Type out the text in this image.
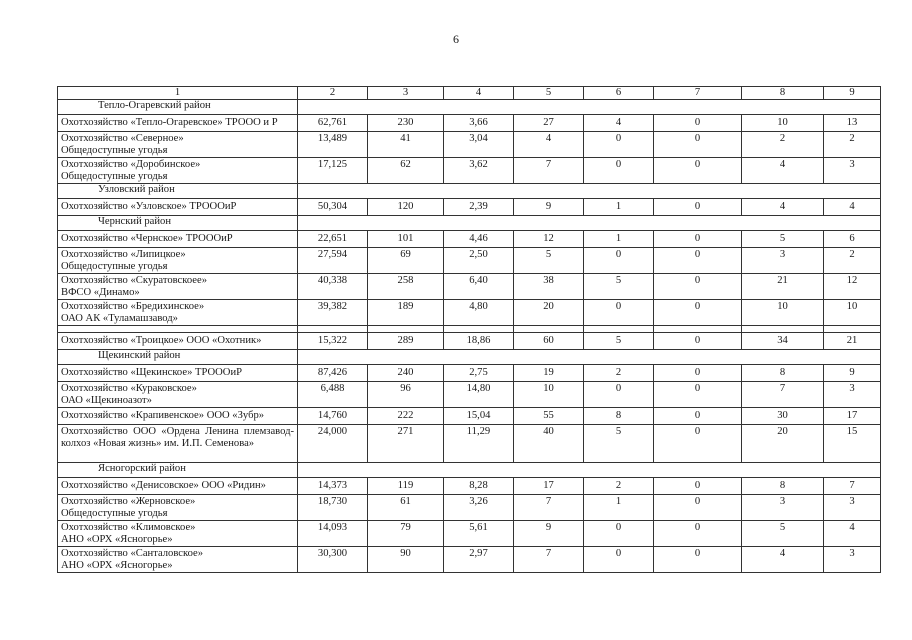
6
1	2	3	4	5	6	7	8	9
Тепло-Огаревский район								
Охотхозяйство «Тепло-Огаревское» ТРООО и Р	62,761	230	3,66	27	4	0	10	13
Охотхозяйство «Северное»
Общедоступные угодья	13,489	41	3,04	4	0	0	2	2
Охотхозяйство «Доробинское»
Общедоступные угодья	17,125	62	3,62	7	0	0	4	3
Узловский район								
Охотхозяйство «Узловское» ТРОООиР	50,304	120	2,39	9	1	0	4	4
Чернский район								
Охотхозяйство «Чернское» ТРОООиР	22,651	101	4,46	12	1	0	5	6
Охотхозяйство «Липицкое»
Общедоступные угодья	27,594	69	2,50	5	0	0	3	2
Охотхозяйство «Скуратовскоее»
ВФСО «Динамо»	40,338	258	6,40	38	5	0	21	12
Охотхозяйство «Бредихинское»
ОАО АК «Туламашзавод»	39,382	189	4,80	20	0	0	10	10

Охотхозяйство «Троицкое» ООО «Охотник»	15,322	289	18,86	60	5	0	34	21
Щекинский район								
Охотхозяйство «Щекинское» ТРОООиР	87,426	240	2,75	19	2	0	8	9
Охотхозяйство «Кураковское»
ОАО «Щекиноазот»	6,488	96	14,80	10	0	0	7	3
Охотхозяйство «Крапивенское» ООО «Зубр»	14,760	222	15,04	55	8	0	30	17
Охотхозяйство ООО «Ордена Ленина племзавод-колхоз «Новая жизнь» им. И.П. Семенова»	24,000	271	11,29	40	5	0	20	15
Ясногорский район								
Охотхозяйство «Денисовское» ООО «Ридин»	14,373	119	8,28	17	2	0	8	7
Охотхозяйство «Жерновское»
Общедоступные угодья	18,730	61	3,26	7	1	0	3	3
Охотхозяйство «Климовское»
АНО «ОРХ «Ясногорье»	14,093	79	5,61	9	0	0	5	4
Охотхозяйство «Санталовское»
АНО «ОРХ «Ясногорье»	30,300	90	2,97	7	0	0	4	3
